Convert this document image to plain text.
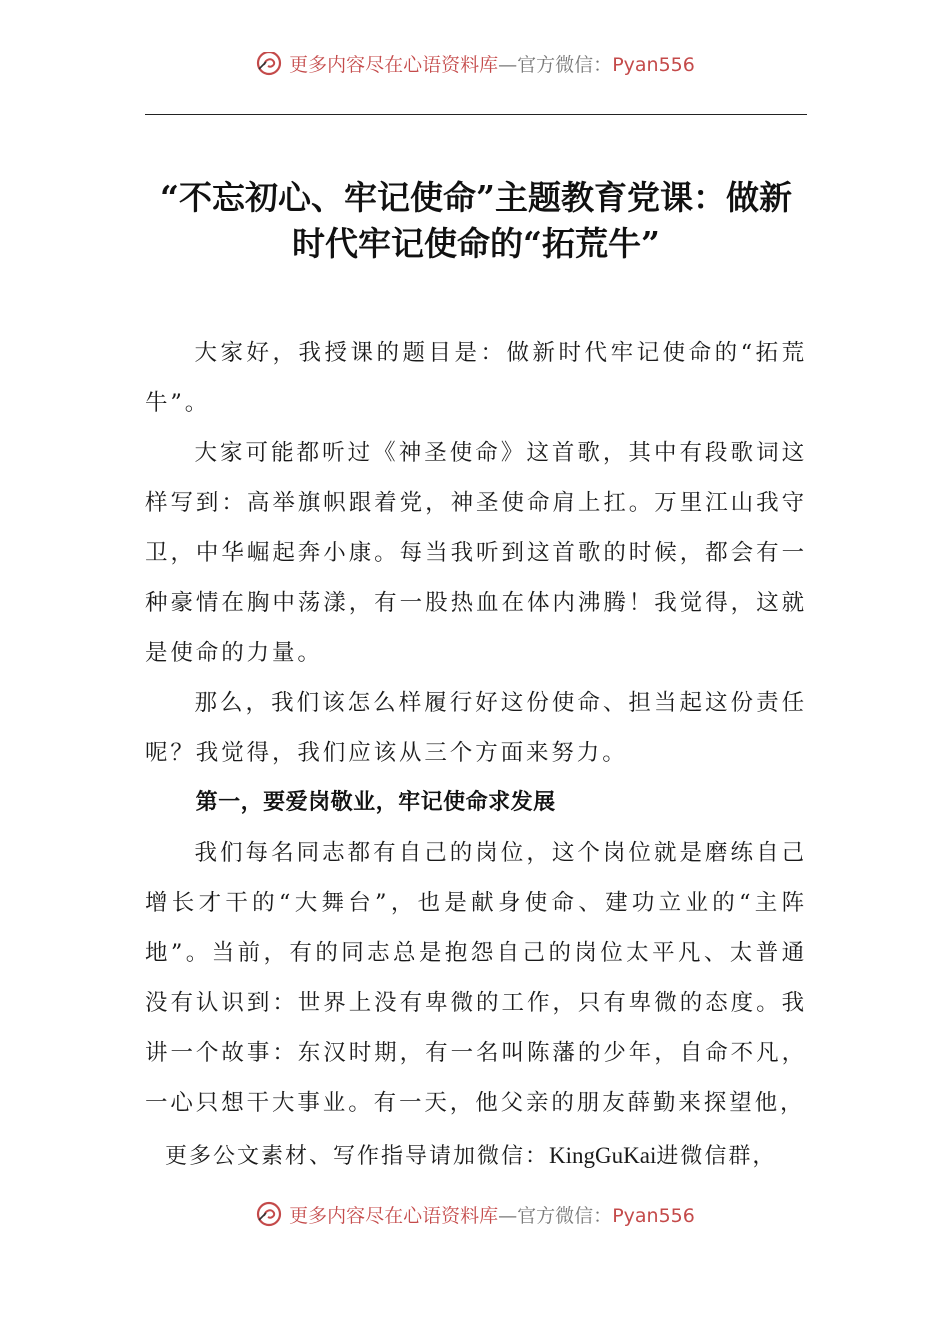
更多内容尽在心语资料库—官方微信：Pyan556
“不忘初心、牢记使命”主题教育党课：做新时代牢记使命的“拓荒牛”

大家好，我授课的题目是：做新时代牢记使命的“拓荒牛”。

大家可能都听过《神圣使命》这首歌，其中有段歌词这样写到：高举旗帜跟着党，神圣使命肩上扛。万里江山我守卫，中华崛起奔小康。每当我听到这首歌的时候，都会有一种豪情在胸中荡漾，有一股热血在体内沸腾！我觉得，这就是使命的力量。

那么，我们该怎么样履行好这份使命、担当起这份责任呢？我觉得，我们应该从三个方面来努力。

第一，要爱岗敬业，牢记使命求发展

我们每名同志都有自己的岗位，这个岗位就是磨练自己增长才干的“大舞台”，也是献身使命、建功立业的“主阵地”。当前，有的同志总是抱怨自己的岗位太平凡、太普通没有认识到：世界上没有卑微的工作，只有卑微的态度。我讲一个故事：东汉时期，有一名叫陈藩的少年，自命不凡，一心只想干大事业。有一天，他父亲的朋友薛勤来探望他，

更多公文素材、写作指导请加微信：KingGuKai进微信群，
更多内容尽在心语资料库—官方微信：Pyan556
